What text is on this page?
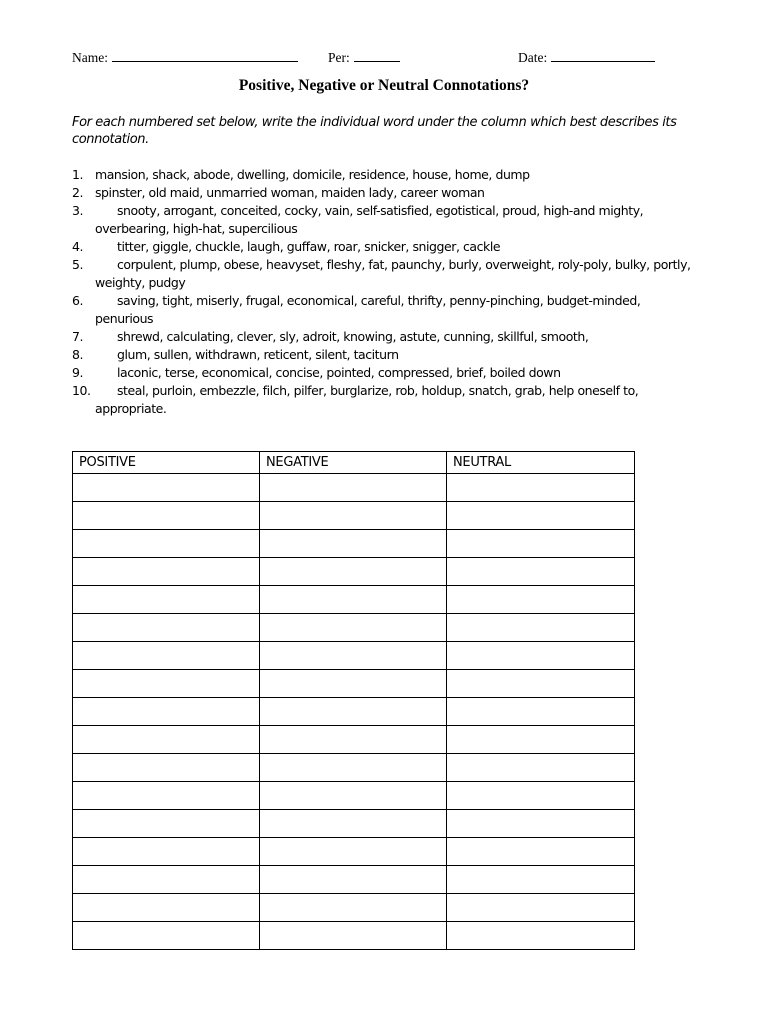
Name:	Per:	Date:
Positive, Negative or Neutral Connotations?
For each numbered set below, write the individual word under the column which best describes its connotation.
1. mansion, shack, abode, dwelling, domicile, residence, house, home, dump
2. spinster, old maid, unmarried woman, maiden lady, career woman
3.	snooty, arrogant, conceited, cocky, vain, self-satisfied, egotistical, proud, high-and mighty, overbearing, high-hat, supercilious
4.	titter, giggle, chuckle, laugh, guffaw, roar, snicker, snigger, cackle
5.	corpulent, plump, obese, heavyset, fleshy, fat, paunchy, burly, overweight, roly-poly, bulky, portly, weighty, pudgy
6.	saving, tight, miserly, frugal, economical, careful, thrifty, penny-pinching, budget-minded, penurious
7.	shrewd, calculating, clever, sly, adroit, knowing, astute, cunning, skillful, smooth,
8.	glum, sullen, withdrawn, reticent, silent, taciturn
9.	laconic, terse, economical, concise, pointed, compressed, brief, boiled down
10. steal, purloin, embezzle, filch, pilfer, burglarize, rob, holdup, snatch, grab, help oneself to, appropriate.
POSITIVE	NEGATIVE	NEUTRAL
